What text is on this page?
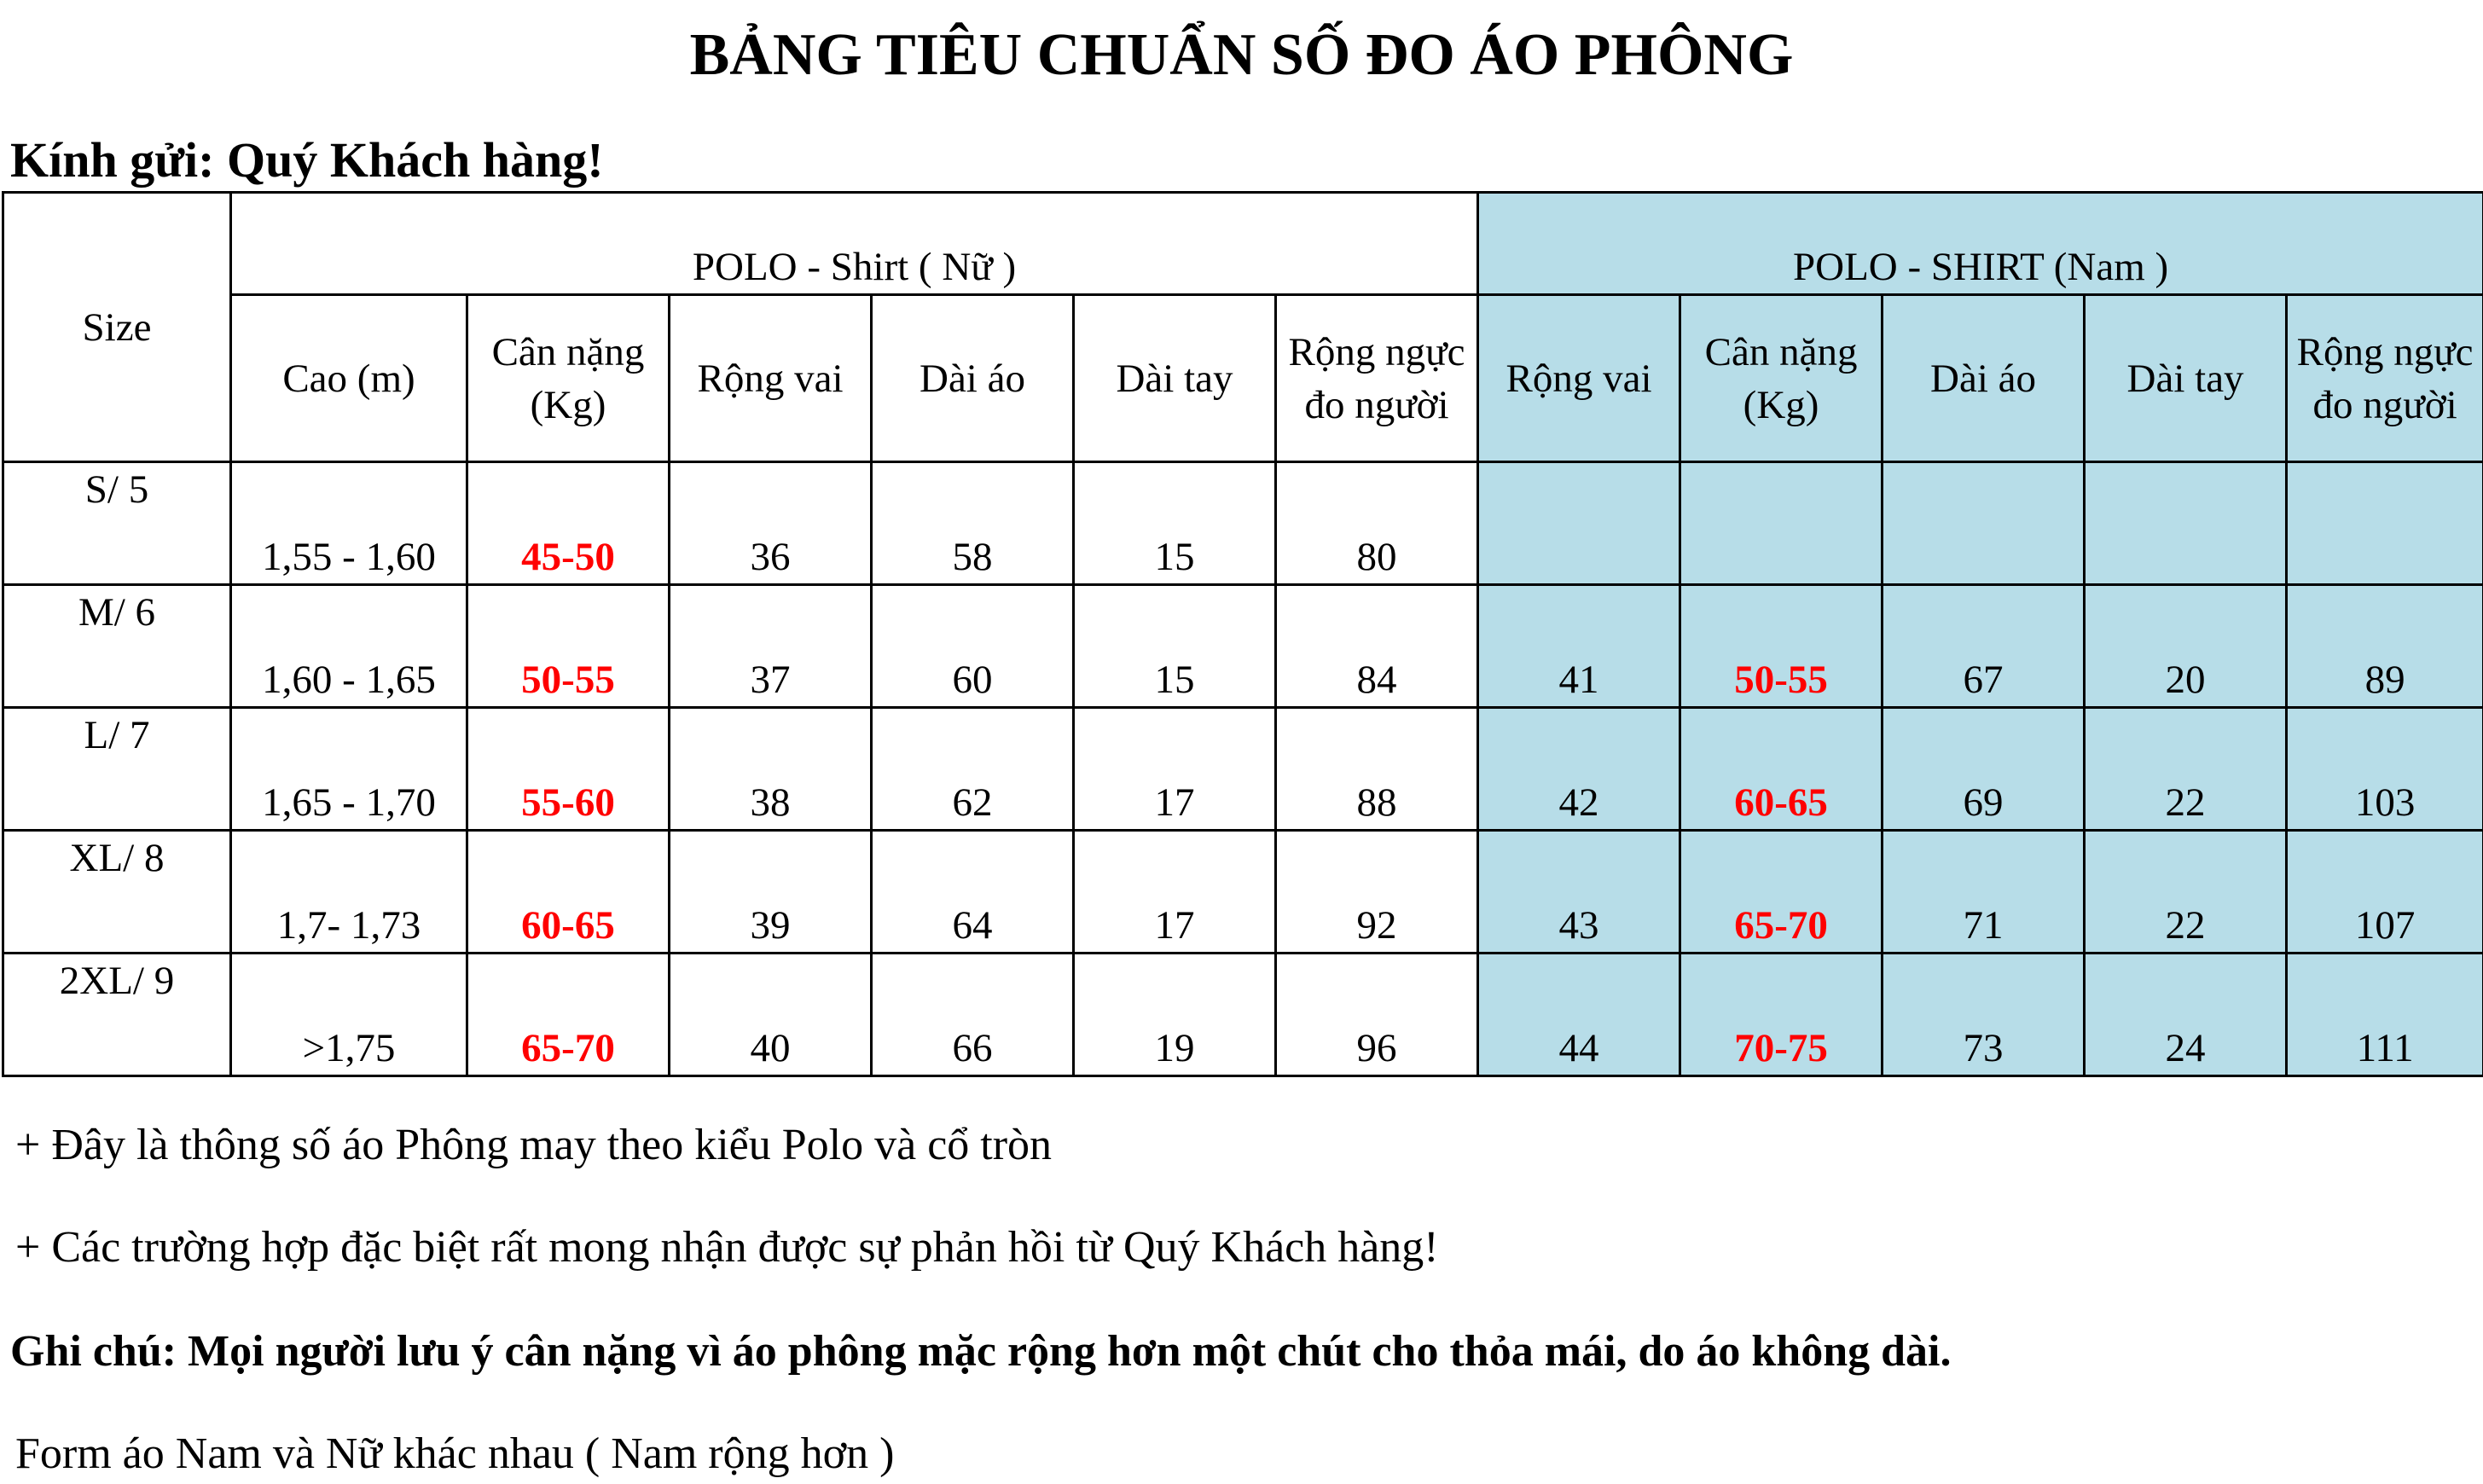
BẢNG TIÊU CHUẨN SỐ ĐO ÁO PHÔNG
Kính gửi: Quý Khách hàng!
Size	POLO - Shirt ( Nữ )						POLO - SHIRT (Nam )				
	Cao (m)	Cân nặng (Kg)	Rộng vai	Dài áo	Dài tay	Rộng ngực đo người	Rộng vai	Cân nặng (Kg)	Dài áo	Dài tay	Rộng ngực đo người
S/ 5	1,55 - 1,60	45-50	36	58	15	80					
M/ 6	1,60 - 1,65	50-55	37	60	15	84	41	50-55	67	20	89
L/ 7	1,65 - 1,70	55-60	38	62	17	88	42	60-65	69	22	103
XL/ 8	1,7- 1,73	60-65	39	64	17	92	43	65-70	71	22	107
2XL/ 9	>1,75	65-70	40	66	19	96	44	70-75	73	24	111
+ Đây là thông số áo Phông may theo kiểu Polo và cổ tròn
+ Các trường hợp đặc biệt rất mong nhận được sự phản hồi từ Quý Khách hàng!
Ghi chú: Mọi người lưu ý cân nặng vì áo phông mặc rộng hơn một chút cho thỏa mái, do áo không dài.
Form áo Nam và Nữ khác nhau ( Nam rộng hơn )
